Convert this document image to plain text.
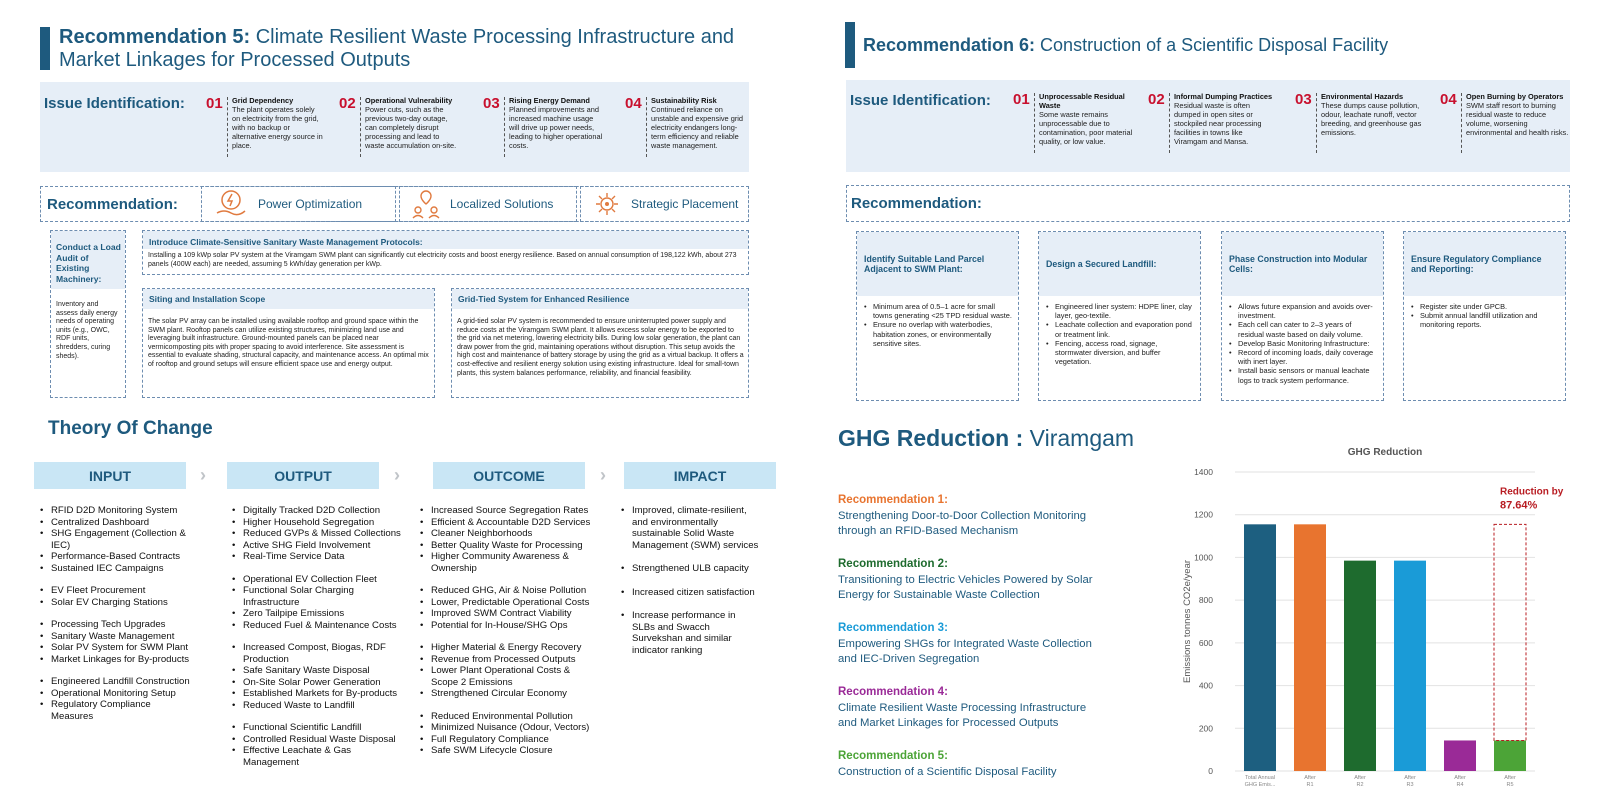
Recommendation 5: Climate Resilient Waste Processing Infrastructure and Market Linkages for Processed Outputs
Issue Identification: 01 Grid Dependency
The plant operates solely on electricity from the grid, with no backup or alternative energy source in place.
02 Operational Vulnerability
Power cuts, such as the previous two-day outage, can completely disrupt processing and lead to waste accumulation on-site.
03 Rising Energy Demand
Planned improvements and increased machine usage will drive up power needs, leading to higher operational costs.
04 Sustainability Risk
Continued reliance on unstable and expensive grid electricity endangers long-term efficiency and reliable waste management.
Recommendation:	Power Optimization	Localized Solutions	Strategic Placement
Conduct a Load Audit of Existing Machinery:
Inventory and assess daily energy needs of operating units (e.g., OWC, RDF units, shredders, curing sheds).
Introduce Climate-Sensitive Sanitary Waste Management Protocols:
Installing a 109 kWp solar PV system at the Viramgam SWM plant can significantly cut electricity costs and boost energy resilience. Based on annual consumption of 198,122 kWh, about 273 panels (400W each) are needed, assuming 5 kWh/day generation per kWp.
Siting and Installation Scope
The solar PV array can be installed using available rooftop and ground space within the SWM plant. Rooftop panels can utilize existing structures, minimizing land use and leveraging built infrastructure. Ground-mounted panels can be placed near vermicomposting pits with proper spacing to avoid interference. Site assessment is essential to evaluate shading, structural capacity, and maintenance access. An optimal mix of rooftop and ground setups will ensure efficient space use and energy output.
Grid-Tied System for Enhanced Resilience
A grid-tied solar PV system is recommended to ensure uninterrupted power supply and reduce costs at the Viramgam SWM plant. It allows excess solar energy to be exported to the grid via net metering, lowering electricity bills. During low solar generation, the plant can draw power from the grid, maintaining operations without disruption. This setup avoids the high cost and maintenance of battery storage by using the grid as a virtual backup. It offers a cost-effective and resilient energy solution using existing infrastructure. Ideal for small-town plants, this system balances performance, reliability, and financial feasibility.
Theory Of Change
INPUT	›	OUTPUT	›	OUTCOME	›	IMPACT
• RFID D2D Monitoring System
• Centralized Dashboard
• SHG Engagement (Collection & IEC)
• Performance-Based Contracts
• Sustained IEC Campaigns
• EV Fleet Procurement
• Solar EV Charging Stations
• Processing Tech Upgrades
• Sanitary Waste Management
• Solar PV System for SWM Plant
• Market Linkages for By-products
• Engineered Landfill Construction
• Operational Monitoring Setup
• Regulatory Compliance Measures
• Digitally Tracked D2D Collection
• Higher Household Segregation
• Reduced GVPs & Missed Collections
• Active SHG Field Involvement
• Real-Time Service Data
• Operational EV Collection Fleet
• Functional Solar Charging Infrastructure
• Zero Tailpipe Emissions
• Reduced Fuel & Maintenance Costs
• Increased Compost, Biogas, RDF Production
• Safe Sanitary Waste Disposal
• On-Site Solar Power Generation
• Established Markets for By-products
• Reduced Waste to Landfill
• Functional Scientific Landfill
• Controlled Residual Waste Disposal
• Effective Leachate & Gas Management
• Increased Source Segregation Rates
• Efficient & Accountable D2D Services
• Cleaner Neighborhoods
• Better Quality Waste for Processing
• Higher Community Awareness & Ownership
• Reduced GHG, Air & Noise Pollution
• Lower, Predictable Operational Costs
• Improved SWM Contract Viability
• Potential for In-House/SHG Ops
• Higher Material & Energy Recovery
• Revenue from Processed Outputs
• Lower Plant Operational Costs & Scope 2 Emissions
• Strengthened Circular Economy
• Reduced Environmental Pollution
• Minimized Nuisance (Odour, Vectors)
• Full Regulatory Compliance
• Safe SWM Lifecycle Closure
• Improved, climate-resilient, and environmentally sustainable Solid Waste Management (SWM) services
• Strengthened ULB capacity
• Increased citizen satisfaction
• Increase performance in SLBs and Swacch Survekshan and similar indicator ranking
Recommendation 6: Construction of a Scientific Disposal Facility
Issue Identification: 01 Unprocessable Residual Waste
Some waste remains unprocessable due to contamination, poor material quality, or low value.
02 Informal Dumping Practices
Residual waste is often dumped in open sites or stockpiled near processing facilities in towns like Viramgam and Mansa.
03 Environmental Hazards
These dumps cause pollution, odour, leachate runoff, vector breeding, and greenhouse gas emissions.
04 Open Burning by Operators
SWM staff resort to burning residual waste to reduce volume, worsening environmental and health risks.
Recommendation:
Identify Suitable Land Parcel Adjacent to SWM Plant:
• Minimum area of 0.5–1 acre for small towns generating <25 TPD residual waste.
• Ensure no overlap with waterbodies, habitation zones, or environmentally sensitive sites.
Design a Secured Landfill:
• Engineered liner system: HDPE liner, clay layer, geo-textile.
• Leachate collection and evaporation pond or treatment link.
• Fencing, access road, signage, stormwater diversion, and buffer vegetation.
Phase Construction into Modular Cells:
• Allows future expansion and avoids over-investment.
• Each cell can cater to 2–3 years of residual waste based on daily volume.
• Develop Basic Monitoring Infrastructure:
• Record of incoming loads, daily coverage with inert layer.
• Install basic sensors or manual leachate logs to track system performance.
Ensure Regulatory Compliance and Reporting:
• Register site under GPCB.
• Submit annual landfill utilization and monitoring reports.
GHG Reduction : Viramgam
Recommendation 1:
Strengthening Door-to-Door Collection Monitoring through an RFID-Based Mechanism
Recommendation 2:
Transitioning to Electric Vehicles Powered by Solar Energy for Sustainable Waste Collection
Recommendation 3:
Empowering SHGs for Integrated Waste Collection and IEC-Driven Segregation
Recommendation 4:
Climate Resilient Waste Processing Infrastructure and Market Linkages for Processed Outputs
Recommendation 5:
Construction of a Scientific Disposal Facility
GHG Reduction
0
200
400
600
800
1000
1200
1400
Emissions tonnes CO2e/year
Total Annual GHG Emis...
After R1
After R2
After R3
After R4
After R5
Reduction by
87.64%
